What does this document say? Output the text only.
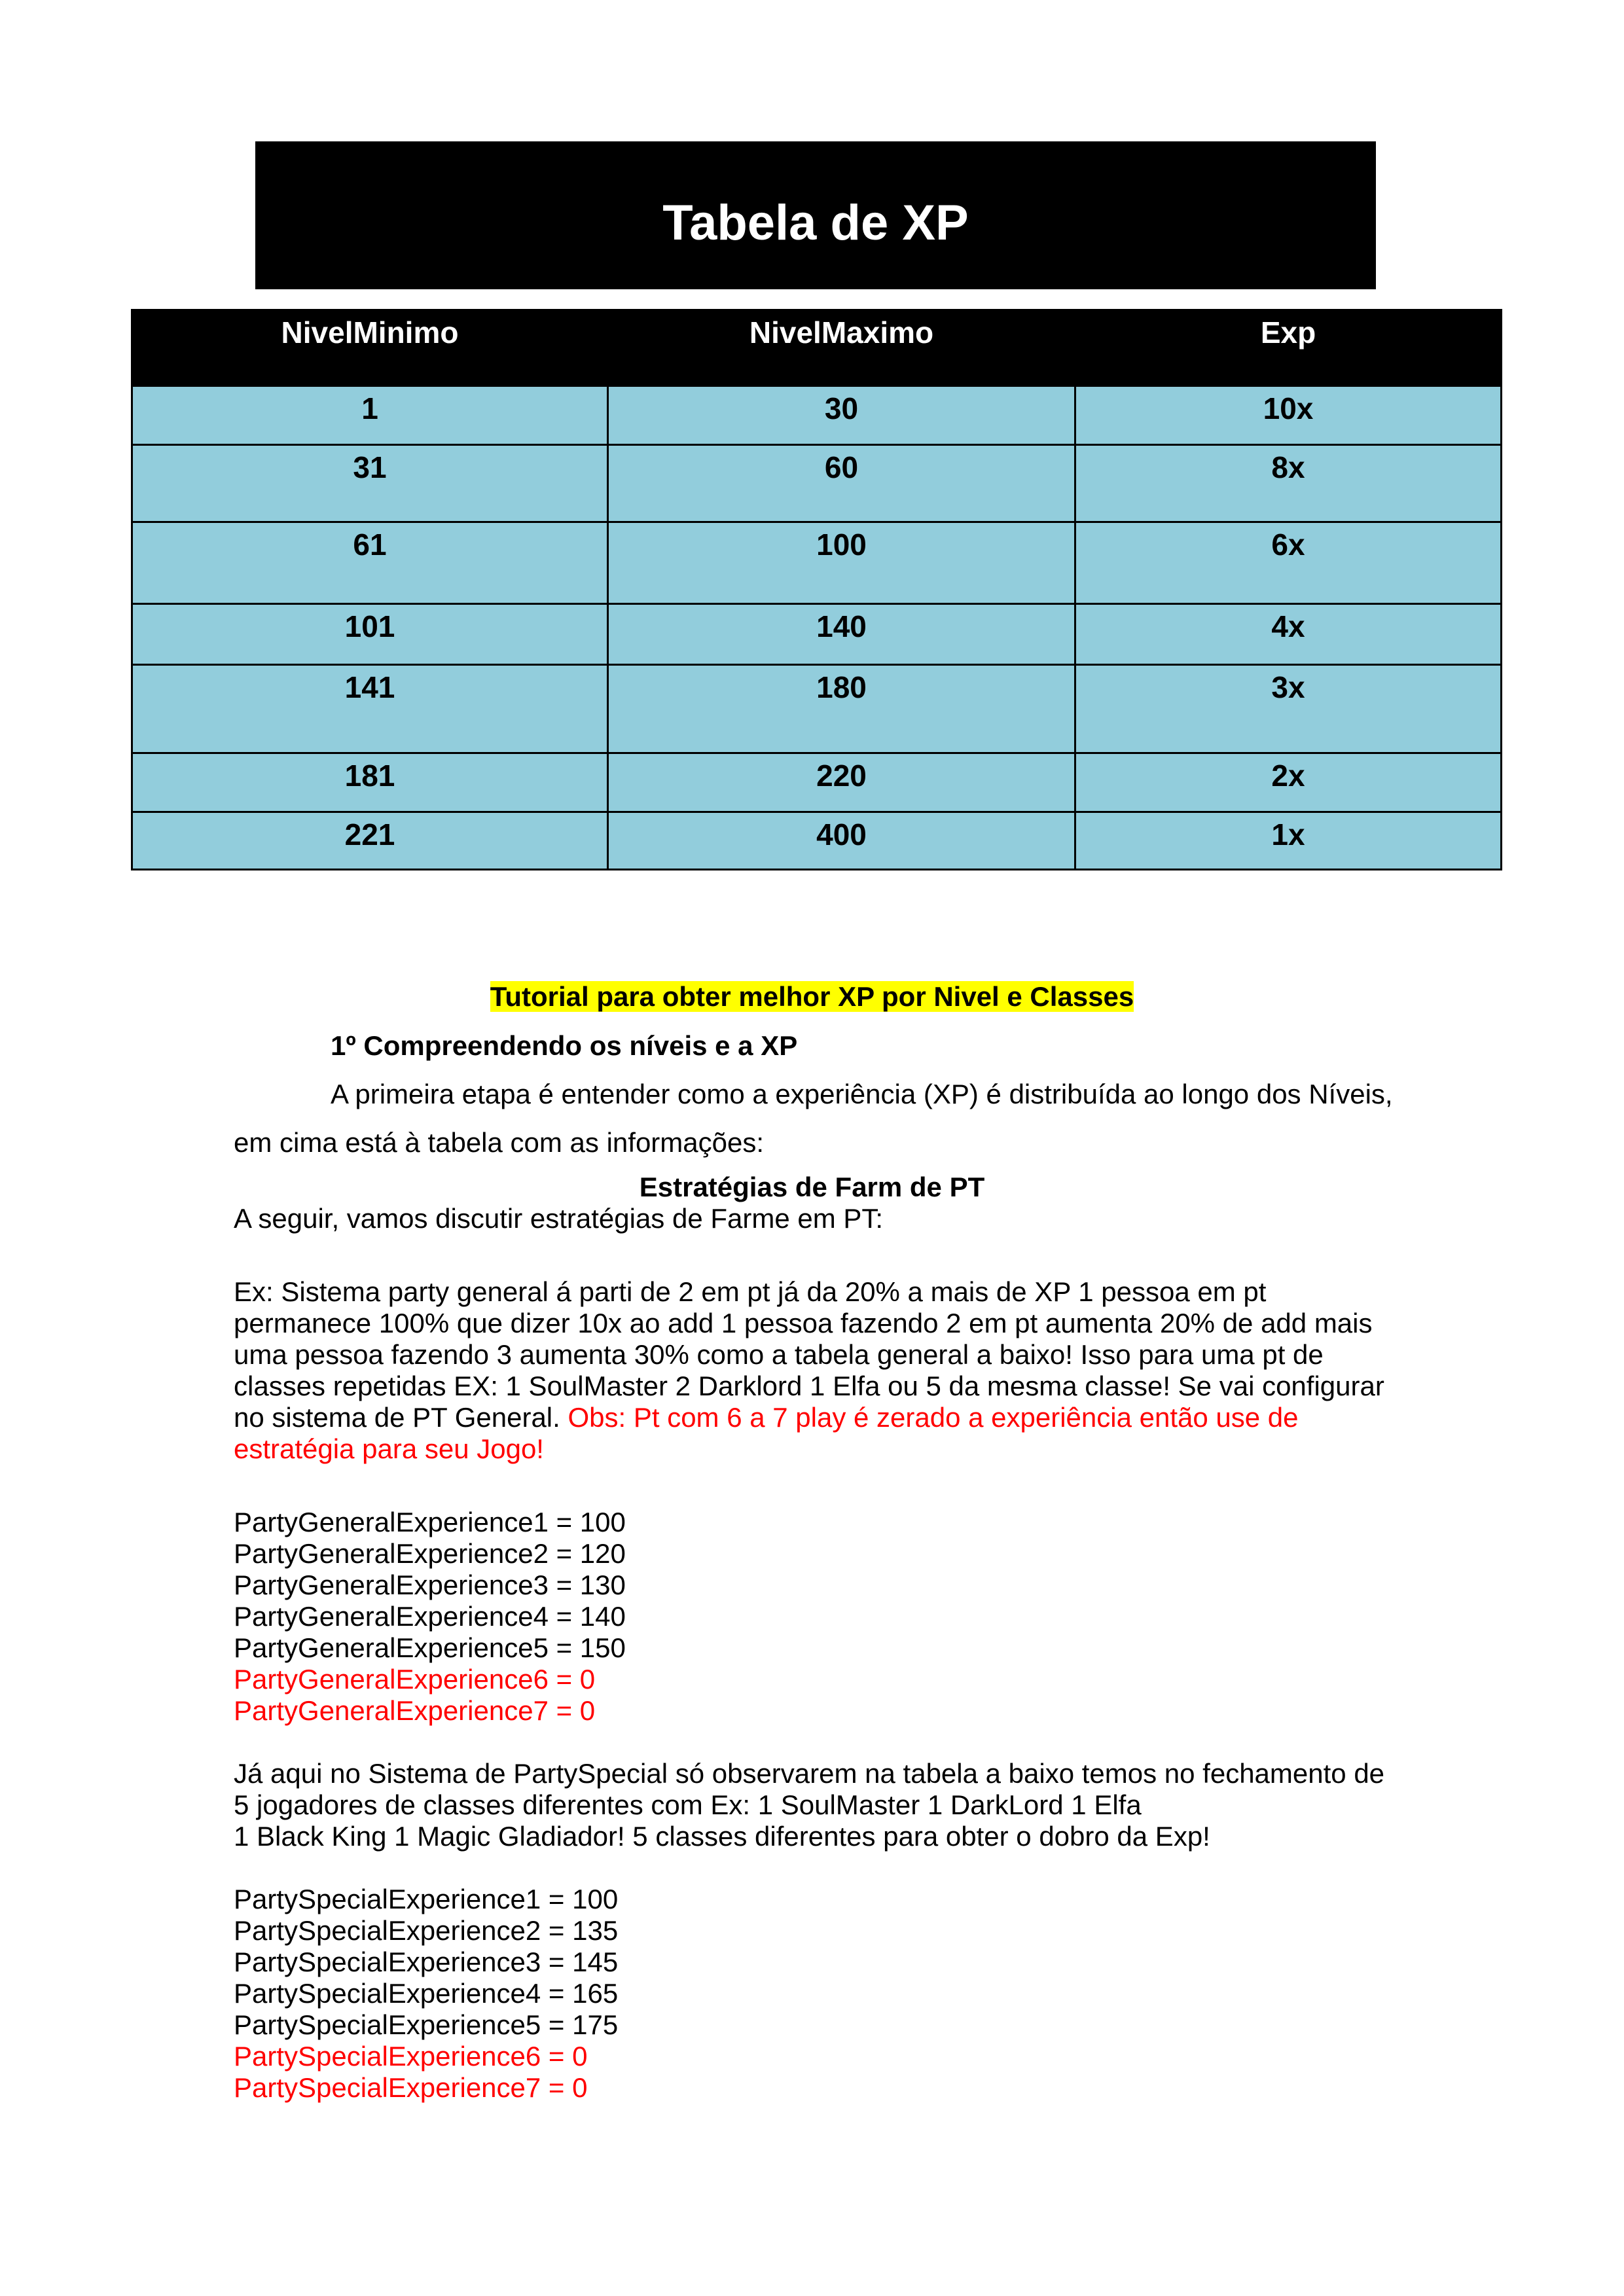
Tabela de XP
NivelMinimo	NivelMaximo	Exp
1	30	10x
31	60	8x
61	100	6x
101	140	4x
141	180	3x
181	220	2x
221	400	1x
Tutorial para obter melhor XP por Nivel e Classes
1º Compreendendo os níveis e a XP
A primeira etapa é entender como a experiência (XP) é distribuída ao longo dos Níveis,
em cima está à tabela com as informações:
Estratégias de Farm de PT
A seguir, vamos discutir estratégias de Farme em PT:
Ex: Sistema party general á parti de 2 em pt já da 20% a mais de XP 1 pessoa em pt
permanece 100% que dizer 10x ao add 1 pessoa fazendo 2 em pt aumenta 20% de add mais
uma pessoa fazendo 3 aumenta 30% como a tabela general a baixo! Isso para uma pt de
classes repetidas EX: 1 SoulMaster 2 Darklord 1 Elfa ou 5 da mesma classe! Se vai configurar
no sistema de PT General. Obs: Pt com 6 a 7 play é zerado a experiência então use de
estratégia para seu Jogo!
PartyGeneralExperience1 = 100
PartyGeneralExperience2 = 120
PartyGeneralExperience3 = 130
PartyGeneralExperience4 = 140
PartyGeneralExperience5 = 150
PartyGeneralExperience6 = 0
PartyGeneralExperience7 = 0
Já aqui no Sistema de PartySpecial só observarem na tabela a baixo temos no fechamento de
5 jogadores de classes diferentes com Ex: 1 SoulMaster 1 DarkLord 1 Elfa
1 Black King 1 Magic Gladiador! 5 classes diferentes para obter o dobro da Exp!
PartySpecialExperience1 = 100
PartySpecialExperience2 = 135
PartySpecialExperience3 = 145
PartySpecialExperience4 = 165
PartySpecialExperience5 = 175
PartySpecialExperience6 = 0
PartySpecialExperience7 = 0
